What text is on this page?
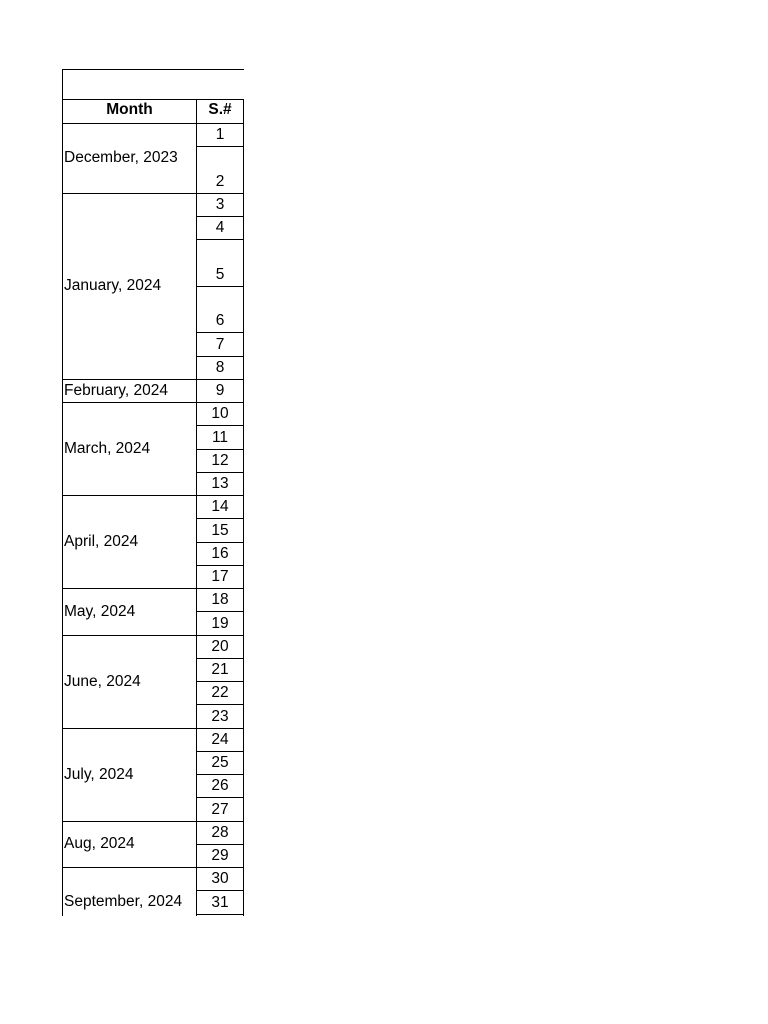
Month	S.#
1
2
December, 2023
3
4
5
6
7
8
January, 2024
9
February, 2024
10
11
12
13
March, 2024
14
15
16
17
April, 2024
18
19
May, 2024
20
21
22
23
June, 2024
24
25
26
27
July, 2024
28
29
Aug, 2024
30
31
September, 2024
